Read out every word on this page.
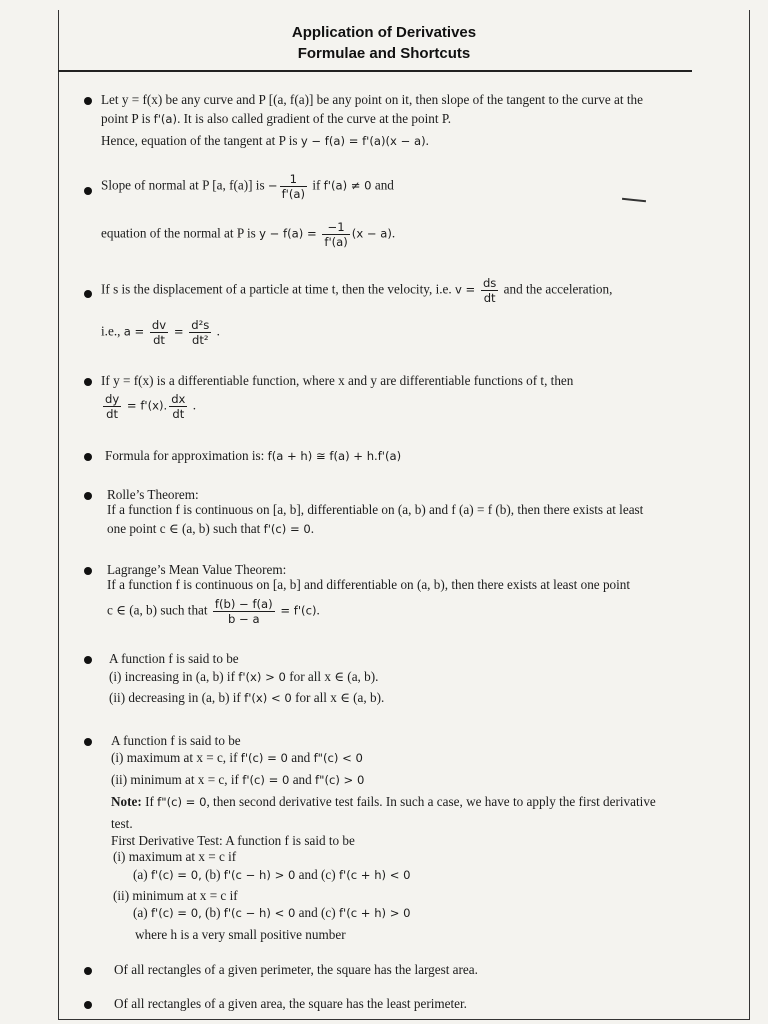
Application of Derivatives
Formulae and Shortcuts
Let y = f(x) be any curve and P [(a, f(a)] be any point on it, then slope of the tangent to the curve at the
point P is f'(a). It is also called gradient of the curve at the point P.
Hence, equation of the tangent at P is y − f(a) = f'(a)(x − a).
Slope of normal at P [a, f(a)] is − $\frac{1}{f'(a)}$ if f'(a) ≠ 0 and
equation of the normal at P is $y - f(a) = \frac{-1}{f'(a)} (x - a)$.
If s is the displacement of a particle at time t, then the velocity, i.e. $v = \frac{ds}{dt}$ and the acceleration,
i.e., $a = \frac{dv}{dt} = \frac{\text{d²s}}{\text{dt²}}$ .
If y = f(x) is a differentiable function, where x and y are differentiable functions of t, then
$\frac{dy}{dt} = f'(x)$. $\frac{dx}{dt}$ .
Formula for approximation is: f(a + h) ≅ f(a) + h.f'(a)
Rolle’s Theorem:
If a function f is continuous on [a, b], differentiable on (a, b) and f (a) = f (b), then there exists at least
one point c ∈ (a, b) such that f'(c) = 0.
Lagrange’s Mean Value Theorem:
If a function f is continuous on [a, b] and differentiable on (a, b), then there exists at least one point
c ∈ (a, b) such that $\frac{f(b) - f(a)}{b - a} = f'(c)$.
A function f is said to be
(i) increasing in (a, b) if f'(x) > 0 for all x ∈ (a, b).
(ii) decreasing in (a, b) if f'(x) < 0 for all x ∈ (a, b).
A function f is said to be
(i) maximum at x = c, if f'(c) = 0 and f"(c) < 0
(ii) minimum at x = c, if f'(c) = 0 and f"(c) > 0
Note: If f"(c) = 0, then second derivative test fails. In such a case, we have to apply the first derivative
test.
First Derivative Test: A function f is said to be
(i) maximum at x = c if
(a) f'(c) = 0, (b) f'(c − h) > 0 and (c) f'(c + h) < 0
(ii) minimum at x = c if
(a) f'(c) = 0, (b) f'(c − h) < 0 and (c) f'(c + h) > 0
where h is a very small positive number
Of all rectangles of a given perimeter, the square has the largest area.
Of all rectangles of a given area, the square has the least perimeter.
